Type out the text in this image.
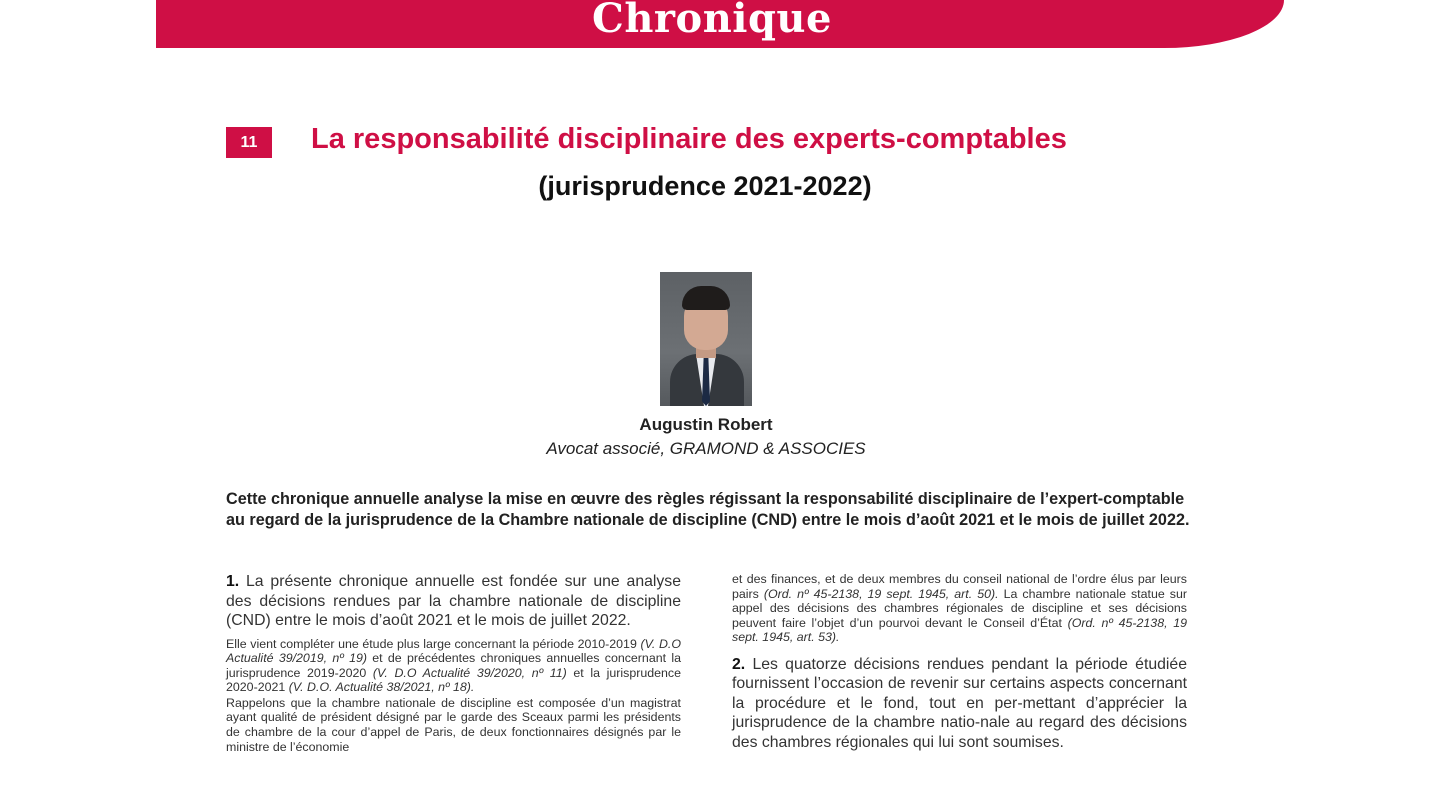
Chronique
11	La responsabilité disciplinaire des experts-comptables
(jurisprudence 2021-2022)
Augustin Robert
Avocat associé, GRAMOND & ASSOCIES
Cette chronique annuelle analyse la mise en œuvre des règles régissant la responsabilité disciplinaire de l’expert-comptable au regard de la jurisprudence de la Chambre nationale de discipline (CND) entre le mois d’août 2021 et le mois de juillet 2022.

1. La présente chronique annuelle est fondée sur une analyse des décisions rendues par la chambre nationale de discipline (CND) entre le mois d’août 2021 et le mois de juillet 2022.

Elle vient compléter une étude plus large concernant la période 2010-2019 (V. D.O Actualité 39/2019, nº 19) et de précédentes chroniques annuelles concernant la jurisprudence 2019-2020 (V. D.O Actualité 39/2020, nº 11) et la jurisprudence 2020-2021 (V. D.O. Actualité 38/2021, nº 18).

Rappelons que la chambre nationale de discipline est composée d’un magistrat ayant qualité de président désigné par le garde des Sceaux parmi les présidents de chambre de la cour d’appel de Paris, de deux fonctionnaires désignés par le ministre de l’économie

et des finances, et de deux membres du conseil national de l’ordre élus par leurs pairs (Ord. nº 45-2138, 19 sept. 1945, art. 50). La chambre nationale statue sur appel des décisions des chambres régionales de discipline et ses décisions peuvent faire l’objet d’un pourvoi devant le Conseil d’État (Ord. nº 45-2138, 19 sept. 1945, art. 53).

2. Les quatorze décisions rendues pendant la période étudiée fournissent l’occasion de revenir sur certains aspects concernant la procédure et le fond, tout en per-mettant d’apprécier la jurisprudence de la chambre natio-nale au regard des décisions des chambres régionales qui lui sont soumises.
